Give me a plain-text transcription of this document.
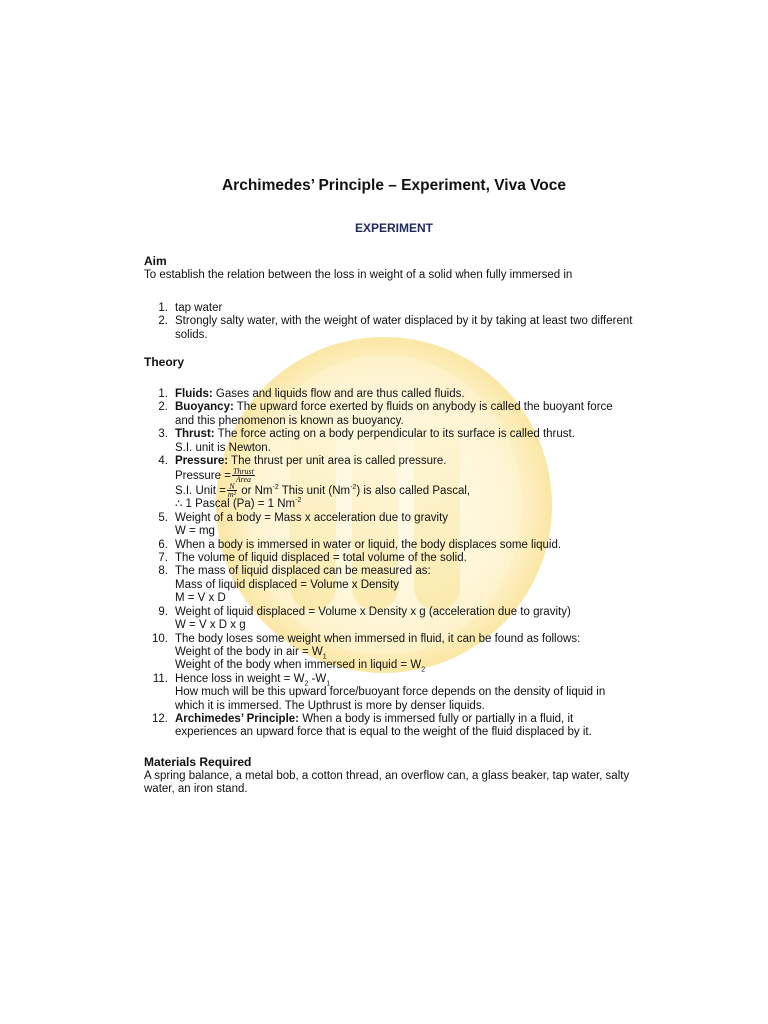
Archimedes’ Principle – Experiment, Viva Voce
EXPERIMENT
Aim

To establish the relation between the loss in weight of a solid when fully immersed in

1. tap water
2. Strongly salty water, with the weight of water displaced by it by taking at least two different solids.
Theory
1. Fluids: Gases and liquids flow and are thus called fluids.
2. Buoyancy: The upward force exerted by fluids on anybody is called the buoyant force and this phenomenon is known as buoyancy.
3. Thrust: The force acting on a body perpendicular to its surface is called thrust.
S.I. unit is Newton.
4. Pressure: The thrust per unit area is called pressure.
Pressure = $\frac{\text{Thrust}}{\text{Area}}$

S.I. Unit = $\frac{N}{\text{m²}}$ or $Nm^{-2}$ This unit $(Nm^{-2})$ is also called Pascal,
∴ 1 Pascal (Pa) = 1 $Nm^{-2}$
5. Weight of a body = Mass x acceleration due to gravity
W = mg
6. When a body is immersed in water or liquid, the body displaces some liquid.
7. The volume of liquid displaced = total volume of the solid.
8. The mass of liquid displaced can be measured as:
Mass of liquid displaced = Volume x Density
M = V x D
9. Weight of liquid displaced = Volume x Density x g (acceleration due to gravity)
W = V x D x g
10. The body loses some weight when immersed in fluid, it can be found as follows:
Weight of the body in air = $W_1$
Weight of the body when immersed in liquid = $W_2$
11. Hence loss in weight = $W_2$ $-W_1$
How much will be this upward force/buoyant force depends on the density of liquid in which it is immersed. The Upthrust is more by denser liquids.
12. Archimedes’ Principle: When a body is immersed fully or partially in a fluid, it experiences an upward force that is equal to the weight of the fluid displaced by it.
Materials Required

A spring balance, a metal bob, a cotton thread, an overflow can, a glass beaker, tap water, salty water, an iron stand.
